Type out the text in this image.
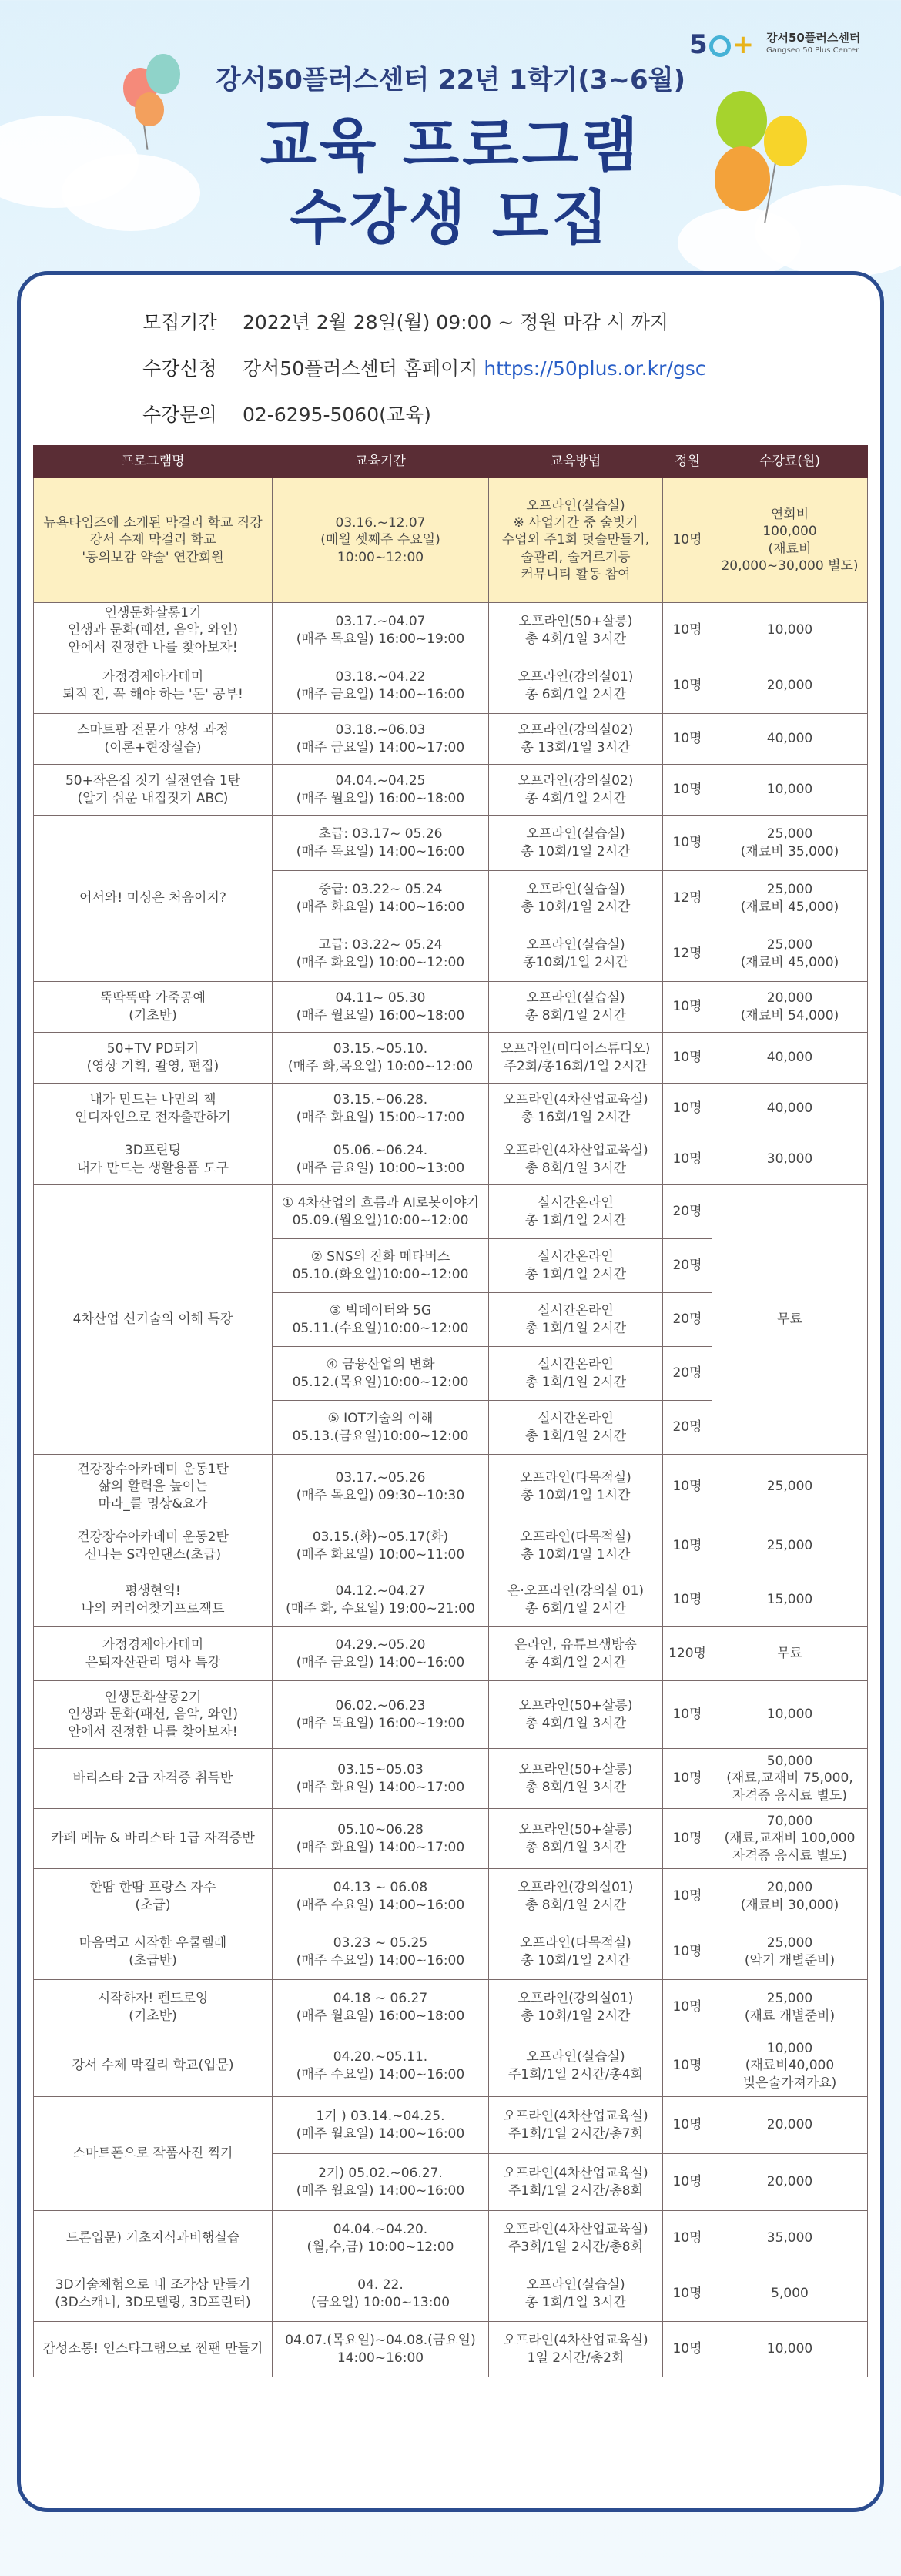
5 + 강서50플러스센터
Gangseo 50 Plus Center
강서50플러스센터 22년 1학기(3~6월)
교육 프로그램
수강생 모집
모집기간 2022년 2월 28일(월) 09:00 ~ 정원 마감 시 까지
수강신청 강서50플러스센터 홈페이지 https://50plus.or.kr/gsc
수강문의 02-6295-5060(교육)
프로그램명	교육기간	교육방법	정원	수강료(원)

뉴욕타임즈에 소개된 막걸리 학교 직강
강서 수제 막걸리 학교
'동의보감 약술' 연간회원	03.16.~12.07
(매월 셋째주 수요일)
10:00~12:00	오프라인(실습실)
※ 사업기간 중 술빚기
수업외 주1회 덧술만들기,
술관리, 술거르기등
커뮤니티 활동 참여	10명	연회비
100,000
(재료비
20,000~30,000 별도)

인생문화살롱1기
인생과 문화(패션, 음악, 와인)
안에서 진정한 나를 찾아보자!	03.17.~04.07
(매주 목요일) 16:00~19:00	오프라인(50+살롱)
총 4회/1일 3시간	10명	10,000

가정경제아카데미
퇴직 전, 꼭 해야 하는 '돈' 공부!	03.18.~04.22
(매주 금요일) 14:00~16:00	오프라인(강의실01)
총 6회/1일 2시간	10명	20,000

스마트팜 전문가 양성 과정
(이론+현장실습)	03.18.~06.03
(매주 금요일) 14:00~17:00	오프라인(강의실02)
총 13회/1일 3시간	10명	40,000

50+작은집 짓기 실전연습 1탄
(알기 쉬운 내집짓기 ABC)	04.04.~04.25
(매주 월요일) 16:00~18:00	오프라인(강의실02)
총 4회/1일 2시간	10명	10,000

어서와! 미싱은 처음이지?	초급: 03.17~ 05.26
(매주 목요일) 14:00~16:00	오프라인(실습실)
총 10회/1일 2시간	10명	25,000
(재료비 35,000)

	중급: 03.22~ 05.24
(매주 화요일) 14:00~16:00	오프라인(실습실)
총 10회/1일 2시간	12명	25,000
(재료비 45,000)

	고급: 03.22~ 05.24
(매주 화요일) 10:00~12:00	오프라인(실습실)
총10회/1일 2시간	12명	25,000
(재료비 45,000)

뚝딱뚝딱 가죽공예
(기초반)	04.11~ 05.30
(매주 월요일) 16:00~18:00	오프라인(실습실)
총 8회/1일 2시간	10명	20,000
(재료비 54,000)

50+TV PD되기
(영상 기획, 촬영, 편집)	03.15.~05.10.
(매주 화,목요일) 10:00~12:00	오프라인(미디어스튜디오)
주2회/총16회/1일 2시간	10명	40,000

내가 만드는 나만의 책
인디자인으로 전자출판하기	03.15.~06.28.
(매주 화요일) 15:00~17:00	오프라인(4차산업교육실)
총 16회/1일 2시간	10명	40,000

3D프린팅
내가 만드는 생활용품 도구	05.06.~06.24.
(매주 금요일) 10:00~13:00	오프라인(4차산업교육실)
총 8회/1일 3시간	10명	30,000

4차산업 신기술의 이해 특강	① 4차산업의 흐름과 AI로봇이야기
05.09.(월요일)10:00~12:00	실시간온라인
총 1회/1일 2시간	20명	무료

	② SNS의 진화 메타버스
05.10.(화요일)10:00~12:00	실시간온라인
총 1회/1일 2시간	20명	

	③ 빅데이터와 5G
05.11.(수요일)10:00~12:00	실시간온라인
총 1회/1일 2시간	20명	

	④ 금융산업의 변화
05.12.(목요일)10:00~12:00	실시간온라인
총 1회/1일 2시간	20명	

	⑤ IOT기술의 이해
05.13.(금요일)10:00~12:00	실시간온라인
총 1회/1일 2시간	20명	

건강장수아카데미 운동1탄
삶의 활력을 높이는
마라_클 명상&요가	03.17.~05.26
(매주 목요일) 09:30~10:30	오프라인(다목적실)
총 10회/1일 1시간	10명	25,000

건강장수아카데미 운동2탄
신나는 S라인댄스(초급)	03.15.(화)~05.17(화)
(매주 화요일) 10:00~11:00	오프라인(다목적실)
총 10회/1일 1시간	10명	25,000

평생현역!
나의 커리어찾기프로젝트	04.12.~04.27
(매주 화, 수요일) 19:00~21:00	온·오프라인(강의실 01)
총 6회/1일 2시간	10명	15,000

가정경제아카데미
은퇴자산관리 명사 특강	04.29.~05.20
(매주 금요일) 14:00~16:00	온라인, 유튜브생방송
총 4회/1일 2시간	120명	무료

인생문화살롱2기
인생과 문화(패션, 음악, 와인)
안에서 진정한 나를 찾아보자!	06.02.~06.23
(매주 목요일) 16:00~19:00	오프라인(50+살롱)
총 4회/1일 3시간	10명	10,000

바리스타 2급 자격증 취득반	03.15~05.03
(매주 화요일) 14:00~17:00	오프라인(50+살롱)
총 8회/1일 3시간	10명	50,000
(재료,교재비 75,000,
자격증 응시료 별도)

카페 메뉴 & 바리스타 1급 자격증반	05.10~06.28
(매주 화요일) 14:00~17:00	오프라인(50+살롱)
총 8회/1일 3시간	10명	70,000
(재료,교재비 100,000
자격증 응시료 별도)

한땀 한땀 프랑스 자수
(초급)	04.13 ~ 06.08
(매주 수요일) 14:00~16:00	오프라인(강의실01)
총 8회/1일 2시간	10명	20,000
(재료비 30,000)

마음먹고 시작한 우쿨렐레
(초급반)	03.23 ~ 05.25
(매주 수요일) 14:00~16:00	오프라인(다목적실)
총 10회/1일 2시간	10명	25,000
(악기 개별준비)

시작하자! 펜드로잉
(기초반)	04.18 ~ 06.27
(매주 월요일) 16:00~18:00	오프라인(강의실01)
총 10회/1일 2시간	10명	25,000
(재료 개별준비)

강서 수제 막걸리 학교(입문)	04.20.~05.11.
(매주 수요일) 14:00~16:00	오프라인(실습실)
주1회/1일 2시간/총4회	10명	10,000
(재료비40,000
빚은술가져가요)

스마트폰으로 작품사진 찍기	1기 ) 03.14.~04.25.
(매주 월요일) 14:00~16:00	오프라인(4차산업교육실)
주1회/1일 2시간/총7회	10명	20,000

	2기) 05.02.~06.27.
(매주 월요일) 14:00~16:00	오프라인(4차산업교육실)
주1회/1일 2시간/총8회	10명	20,000

드론입문) 기초지식과비행실습	04.04.~04.20.
(월,수,금) 10:00~12:00	오프라인(4차산업교육실)
주3회/1일 2시간/총8회	10명	35,000

3D기술체험으로 내 조각상 만들기
(3D스캐너, 3D모델링, 3D프린터)	04. 22.
(금요일) 10:00~13:00	오프라인(실습실)
총 1회/1일 3시간	10명	5,000

감성소통! 인스타그램으로 찐팬 만들기	04.07.(목요일)~04.08.(금요일)
14:00~16:00	오프라인(4차산업교육실)
1일 2시간/총2회	10명	10,000
